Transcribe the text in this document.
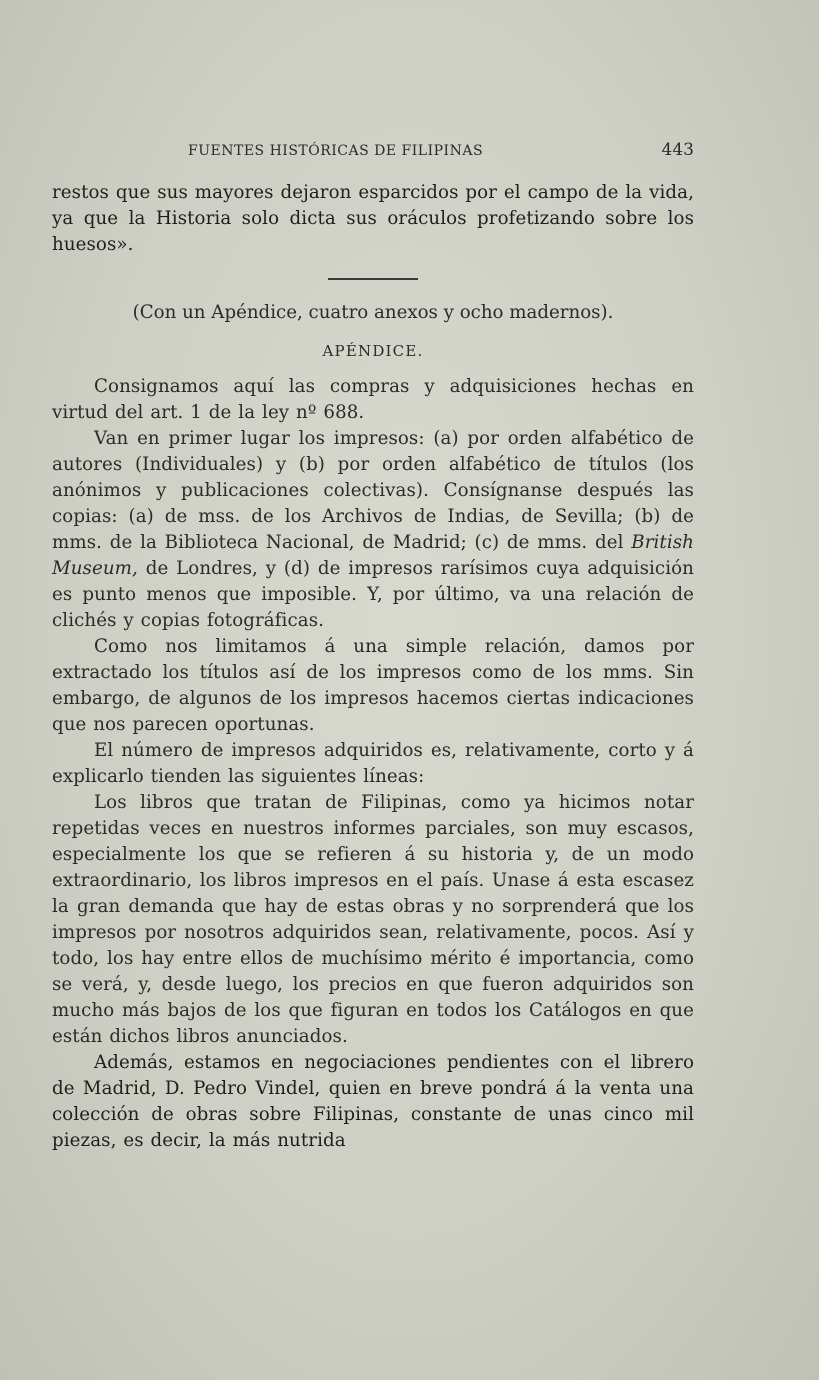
FUENTES HISTÓRICAS DE FILIPINAS	443

restos que sus mayores dejaron esparcidos por el campo de la vida, ya que la Historia solo dicta sus oráculos profetizando sobre los huesos».

(Con un Apéndice, cuatro anexos y ocho madernos).
APÉNDICE.

Consignamos aquí las compras y adquisiciones hechas en virtud del art. 1 de la ley nº 688.

Van en primer lugar los impresos: (a) por orden alfabético de autores (Individuales) y (b) por orden alfabético de títulos (los anónimos y publicaciones colectivas). Consígnanse después las copias: (a) de mss. de los Archivos de Indias, de Sevilla; (b) de mms. de la Biblioteca Nacional, de Madrid; (c) de mms. del British Museum, de Londres, y (d) de impresos rarísimos cuya adquisición es punto menos que imposible. Y, por último, va una relación de clichés y copias fotográficas.

Como nos limitamos á una simple relación, damos por extractado los títulos así de los impresos como de los mms. Sin embargo, de algunos de los impresos hacemos ciertas indicaciones que nos parecen oportunas.

El número de impresos adquiridos es, relativamente, corto y á explicarlo tienden las siguientes líneas:

Los libros que tratan de Filipinas, como ya hicimos notar repetidas veces en nuestros informes parciales, son muy escasos, especialmente los que se refieren á su historia y, de un modo extraordinario, los libros impresos en el país. Unase á esta escasez la gran demanda que hay de estas obras y no sorprenderá que los impresos por nosotros adquiridos sean, relativamente, pocos. Así y todo, los hay entre ellos de muchísimo mérito é importancia, como se verá, y, desde luego, los precios en que fueron adquiridos son mucho más bajos de los que figuran en todos los Catálogos en que están dichos libros anunciados.

Además, estamos en negociaciones pendientes con el librero de Madrid, D. Pedro Vindel, quien en breve pondrá á la venta una colección de obras sobre Filipinas, constante de unas cinco mil piezas, es decir, la más nutrida
